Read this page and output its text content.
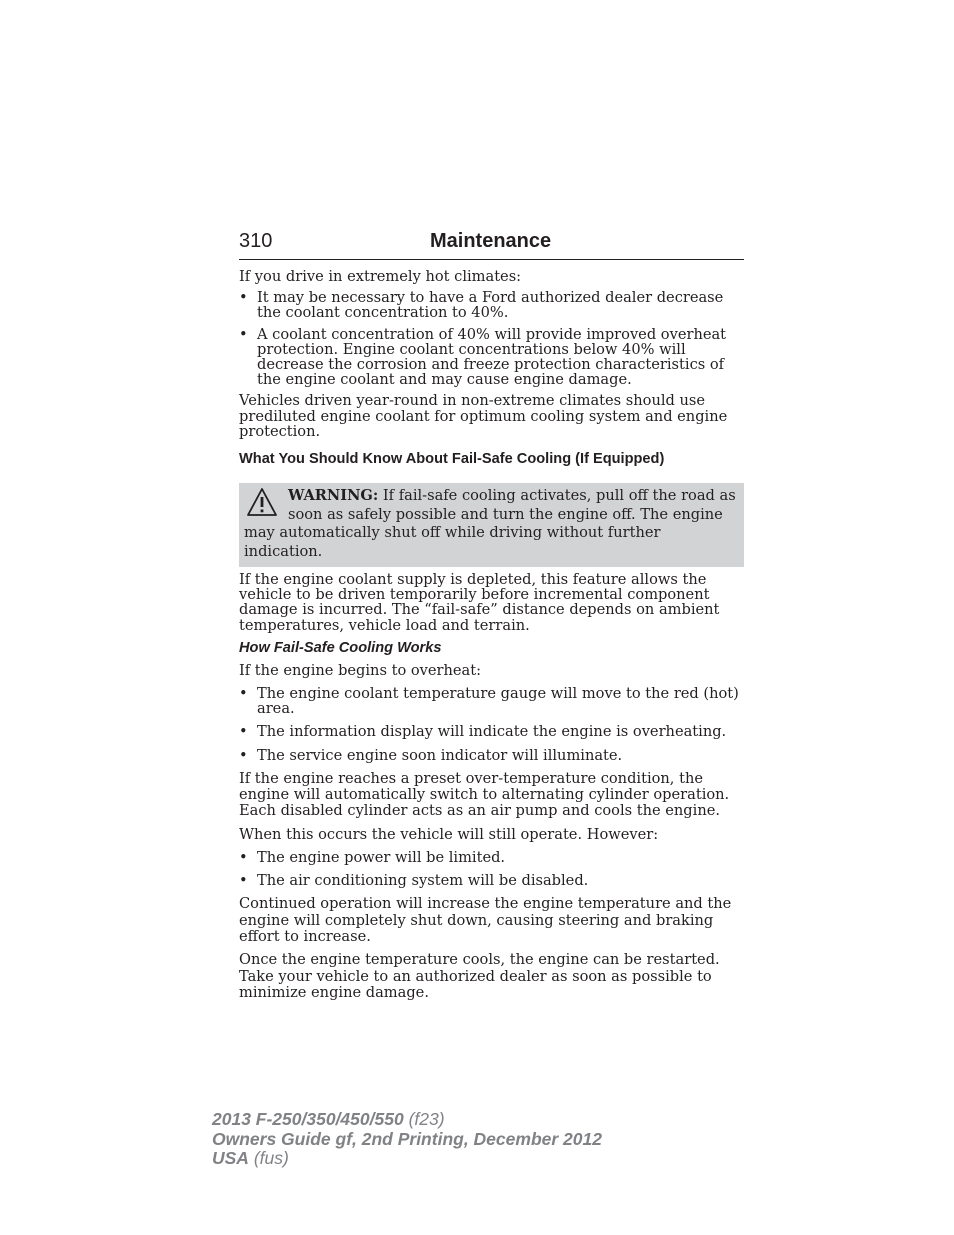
310	Maintenance

If you drive in extremely hot climates:

• It may be necessary to have a Ford authorized dealer decrease the coolant concentration to 40%.
• A coolant concentration of 40% will provide improved overheat protection. Engine coolant concentrations below 40% will decrease the corrosion and freeze protection characteristics of the engine coolant and may cause engine damage.

Vehicles driven year-round in non-extreme climates should use prediluted engine coolant for optimum cooling system and engine protection.

What You Should Know About Fail-Safe Cooling (If Equipped)
WARNING: If fail-safe cooling activates, pull off the road as soon as safely possible and turn the engine off. The engine may automatically shut off while driving without further indication.

If the engine coolant supply is depleted, this feature allows the vehicle to be driven temporarily before incremental component damage is incurred. The “fail-safe” distance depends on ambient temperatures, vehicle load and terrain.

How Fail-Safe Cooling Works

If the engine begins to overheat:

• The engine coolant temperature gauge will move to the red (hot) area.
• The information display will indicate the engine is overheating.
• The service engine soon indicator will illuminate.

If the engine reaches a preset over-temperature condition, the engine will automatically switch to alternating cylinder operation. Each disabled cylinder acts as an air pump and cools the engine.

When this occurs the vehicle will still operate. However:

• The engine power will be limited.
• The air conditioning system will be disabled.

Continued operation will increase the engine temperature and the engine will completely shut down, causing steering and braking effort to increase.

Once the engine temperature cools, the engine can be restarted. Take your vehicle to an authorized dealer as soon as possible to minimize engine damage.

2013 F-250/350/450/550 (f23)
Owners Guide gf, 2nd Printing, December 2012
USA (fus)
